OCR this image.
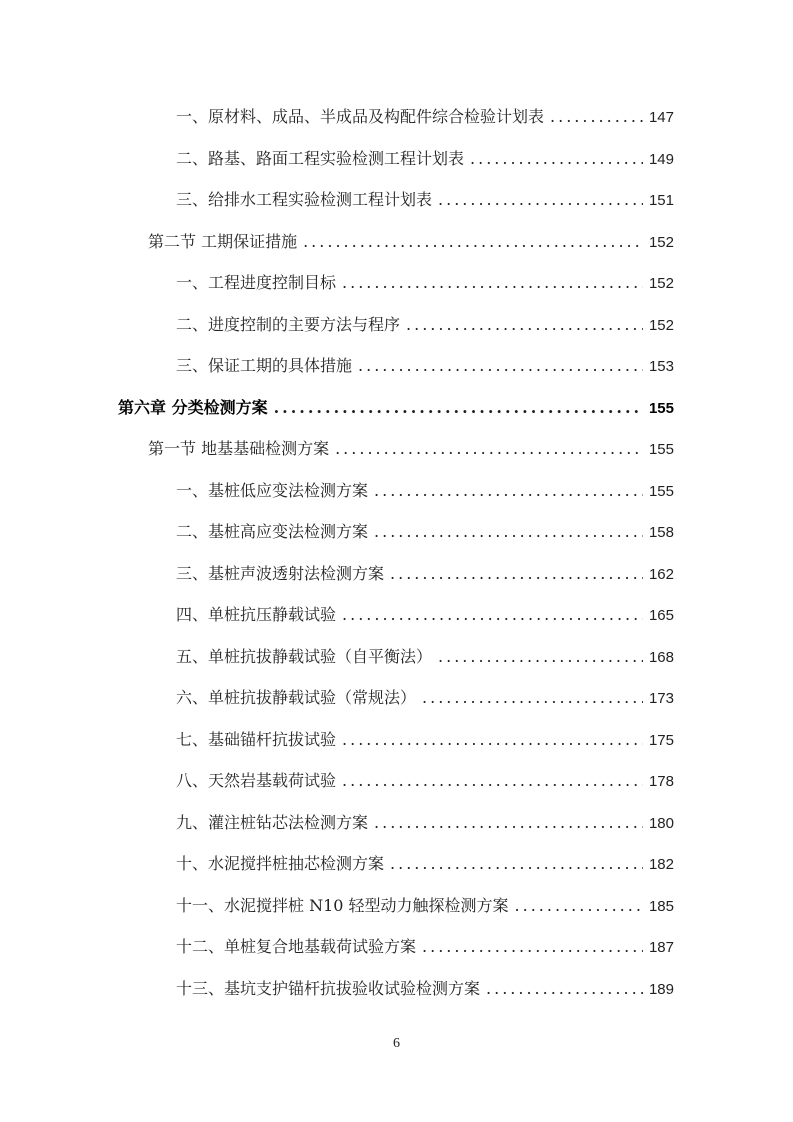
一、原材料、成品、半成品及构配件综合检验计划表 .....	147
二、路基、路面工程实验检测工程计划表 .....	149
三、给排水工程实验检测工程计划表 .....	151
第二节 工期保证措施 .....	152
一、工程进度控制目标 .....	152
二、进度控制的主要方法与程序 .....	152
三、保证工期的具体措施 .....	153
第六章 分类检测方案 .....	155
第一节 地基基础检测方案 .....	155
一、基桩低应变法检测方案 .....	155
二、基桩高应变法检测方案 .....	158
三、基桩声波透射法检测方案 .....	162
四、单桩抗压静载试验 .....	165
五、单桩抗拔静载试验（自平衡法） .....	168
六、单桩抗拔静载试验（常规法） .....	173
七、基础锚杆抗拔试验 .....	175
八、天然岩基载荷试验 .....	178
九、灌注桩钻芯法检测方案 .....	180
十、水泥搅拌桩抽芯检测方案 .....	182
十一、水泥搅拌桩 N10 轻型动力触探检测方案 .....	185
十二、单桩复合地基载荷试验方案 .....	187
十三、基坑支护锚杆抗拔验收试验检测方案 .....	189
6
